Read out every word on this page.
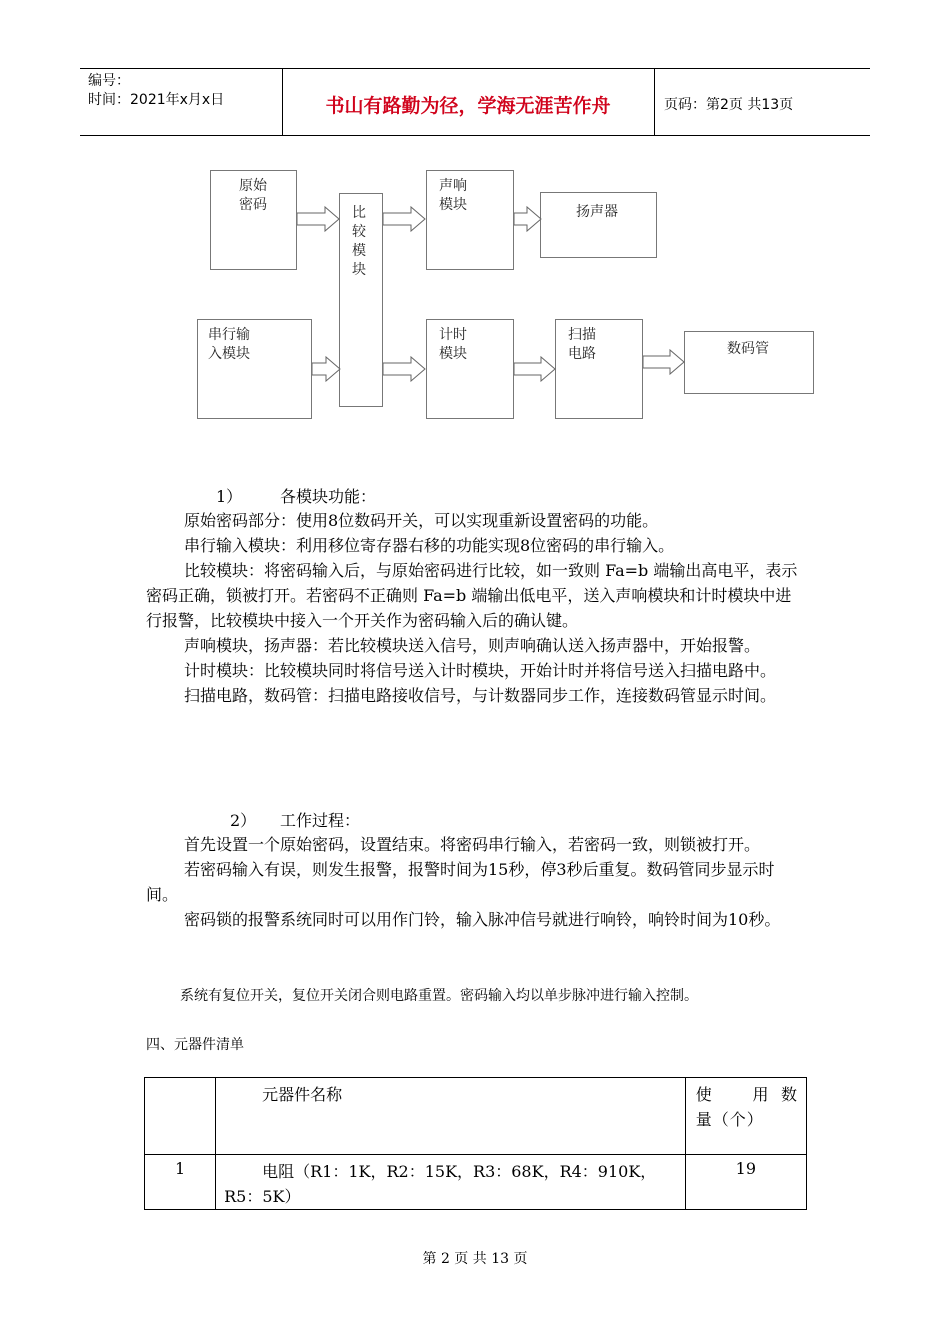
编号：
时间：2021年x月x日	书山有路勤为径，学海无涯苦作舟	页码：第2页 共13页
原始
密码
串行输
入模块
比
较
模
块
声响
模块	扬声器
计时
模块
扫描
电路	数码管
1） 各模块功能：

原始密码部分：使用8位数码开关，可以实现重新设置密码的功能。

串行输入模块：利用移位寄存器右移的功能实现8位密码的串行输入。

比较模块：将密码输入后，与原始密码进行比较，如一致则 Fa=b 端输出高电平，表示密码正确，锁被打开。若密码不正确则 Fa=b 端输出低电平，送入声响模块和计时模块中进行报警，比较模块中接入一个开关作为密码输入后的确认键。

声响模块，扬声器：若比较模块送入信号，则声响确认送入扬声器中，开始报警。

计时模块：比较模块同时将信号送入计时模块，开始计时并将信号送入扫描电路中。

扫描电路，数码管：扫描电路接收信号，与计数器同步工作，连接数码管显示时间。

2） 工作过程：

首先设置一个原始密码，设置结束。将密码串行输入，若密码一致，则锁被打开。

若密码输入有误，则发生报警，报警时间为15秒，停3秒后重复。数码管同步显示时间。

密码锁的报警系统同时可以用作门铃，输入脉冲信号就进行响铃，响铃时间为10秒。

系统有复位开关，复位开关闭合则电路重置。密码输入均以单步脉冲进行输入控制。
四、元器件清单
	元器件名称	使　用数　　量（个）
1	电阻（R1：1K，R2：15K，R3：68K，R4：910K，R5：5K）	19
第 2 页 共 13 页
